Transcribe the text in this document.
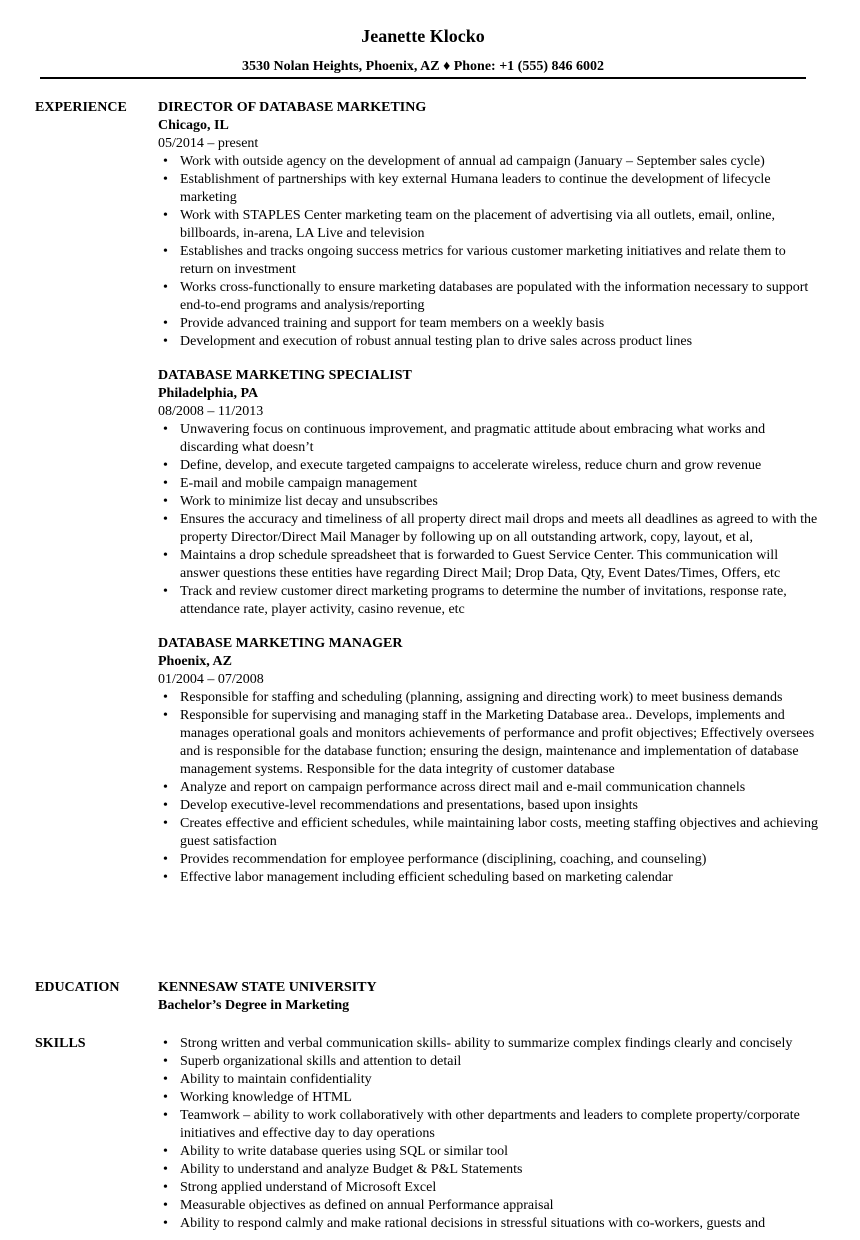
Jeanette Klocko
3530 Nolan Heights, Phoenix, AZ ♦ Phone: +1 (555) 846 6002
EXPERIENCE DIRECTOR OF DATABASE MARKETING
Chicago, IL
05/2014 – present
• Work with outside agency on the development of annual ad campaign (January – September sales cycle)
• Establishment of partnerships with key external Humana leaders to continue the development of lifecycle marketing
• Work with STAPLES Center marketing team on the placement of advertising via all outlets, email, online, billboards, in-arena, LA Live and television
• Establishes and tracks ongoing success metrics for various customer marketing initiatives and relate them to return on investment
• Works cross-functionally to ensure marketing databases are populated with the information necessary to support end-to-end programs and analysis/reporting
• Provide advanced training and support for team members on a weekly basis
• Development and execution of robust annual testing plan to drive sales across product lines
DATABASE MARKETING SPECIALIST
Philadelphia, PA
08/2008 – 11/2013
• Unwavering focus on continuous improvement, and pragmatic attitude about embracing what works and discarding what doesn’t
• Define, develop, and execute targeted campaigns to accelerate wireless, reduce churn and grow revenue
• E-mail and mobile campaign management
• Work to minimize list decay and unsubscribes
• Ensures the accuracy and timeliness of all property direct mail drops and meets all deadlines as agreed to with the property Director/Direct Mail Manager by following up on all outstanding artwork, copy, layout, et al,
• Maintains a drop schedule spreadsheet that is forwarded to Guest Service Center. This communication will answer questions these entities have regarding Direct Mail; Drop Data, Qty, Event Dates/Times, Offers, etc
• Track and review customer direct marketing programs to determine the number of invitations, response rate, attendance rate, player activity, casino revenue, etc
DATABASE MARKETING MANAGER
Phoenix, AZ
01/2004 – 07/2008
• Responsible for staffing and scheduling (planning, assigning and directing work) to meet business demands
• Responsible for supervising and managing staff in the Marketing Database area.. Develops, implements and manages operational goals and monitors achievements of performance and profit objectives; Effectively oversees and is responsible for the database function; ensuring the design, maintenance and implementation of database management systems. Responsible for the data integrity of customer database
• Analyze and report on campaign performance across direct mail and e-mail communication channels
• Develop executive-level recommendations and presentations, based upon insights
• Creates effective and efficient schedules, while maintaining labor costs, meeting staffing objectives and achieving guest satisfaction
• Provides recommendation for employee performance (disciplining, coaching, and counseling)
• Effective labor management including efficient scheduling based on marketing calendar
EDUCATION	KENNESAW STATE UNIVERSITY
Bachelor’s Degree in Marketing
SKILLS
•	Strong written and verbal communication skills- ability to summarize complex findings clearly and concisely
• Superb organizational skills and attention to detail
• Ability to maintain confidentiality
• Working knowledge of HTML
• Teamwork – ability to work collaboratively with other departments and leaders to complete property/corporate initiatives and effective day to day operations
• Ability to write database queries using SQL or similar tool
• Ability to understand and analyze Budget & P&L Statements
• Strong applied understand of Microsoft Excel
• Measurable objectives as defined on annual Performance appraisal
• Ability to respond calmly and make rational decisions in stressful situations with co-workers, guests and
